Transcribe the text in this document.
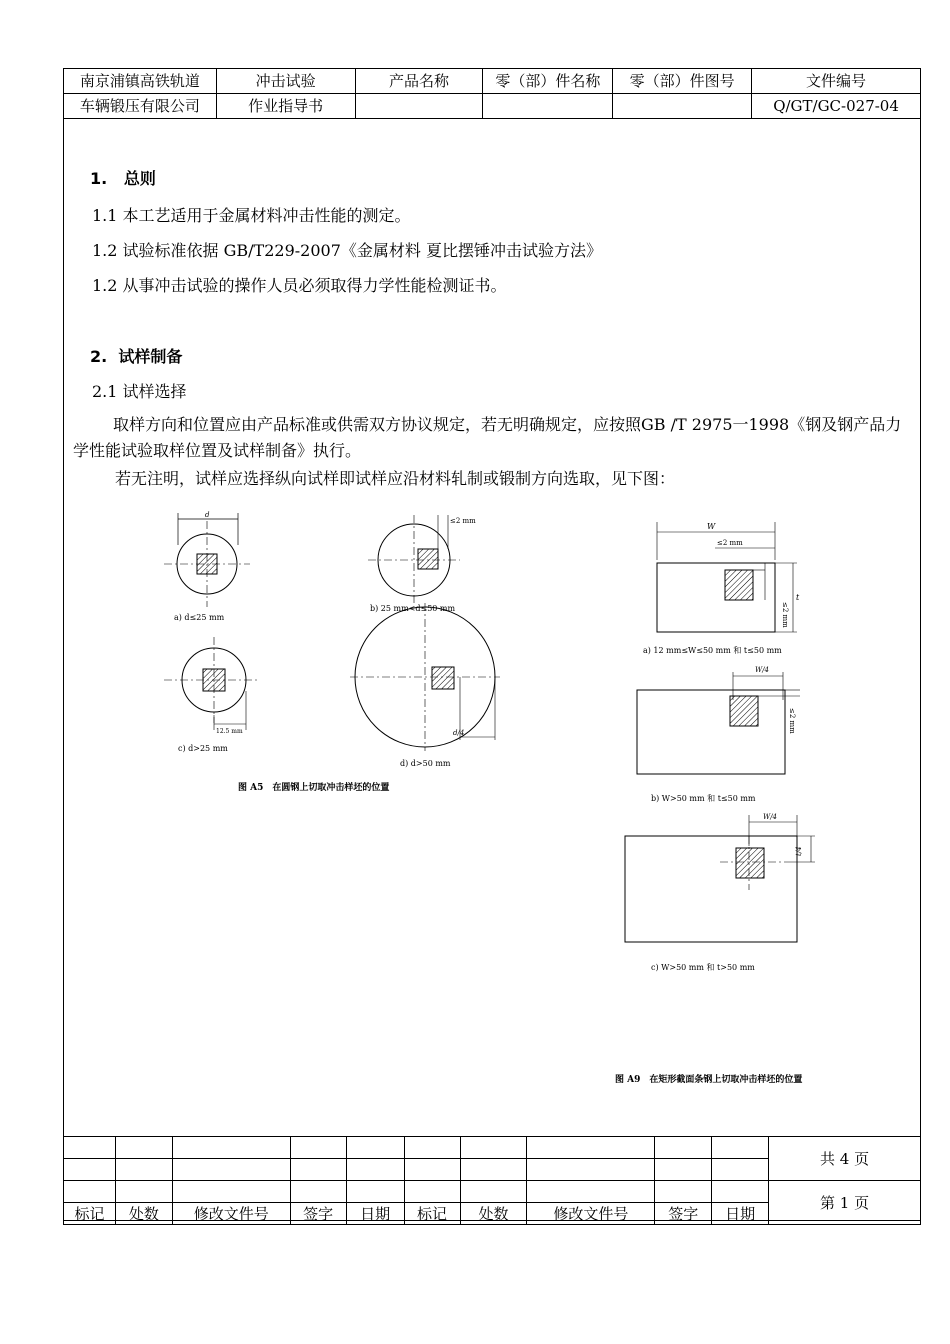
南京浦镇高铁轨道	冲击试验	产品名称	零（部）件名称	零（部）件图号	文件编号
车辆锻压有限公司	作业指导书				Q/GT/GC-027-04
1.   总则
1.1 本工艺适用于金属材料冲击性能的测定。
1.2 试验标准依据 GB/T229-2007《金属材料 夏比摆锤冲击试验方法》
1.2 从事冲击试验的操作人员必须取得力学性能检测证书。
2.  试样制备
2.1 试样选择
取样方向和位置应由产品标准或供需双方协议规定，若无明确规定，应按照GB /T 2975一1998《钢及钢产品力学性能试验取样位置及试样制备》执行。
若无注明，试样应选择纵向试样即试样应沿材料轧制或锻制方向选取，见下图：
d
a) d≤25 mm
≤2 mm
b) 25 mm<d≤50 mm
12.5 mm
c) d>25 mm
d/4
d) d>50 mm
图 A5　在圆钢上切取冲击样坯的位置
W
≤2 mm
≤2 mm
t
a) 12 mm≤W≤50 mm 和 t≤50 mm
W/4
≤2 mm
b) W>50 mm 和 t≤50 mm
W/4
t/4
c) W>50 mm 和 t>50 mm
图 A9　在矩形截面条钢上切取冲击样坯的位置
										共 4 页

										第 1 页
标记	处数	修改文件号	签字	日期	标记	处数	修改文件号	签字	日期	
